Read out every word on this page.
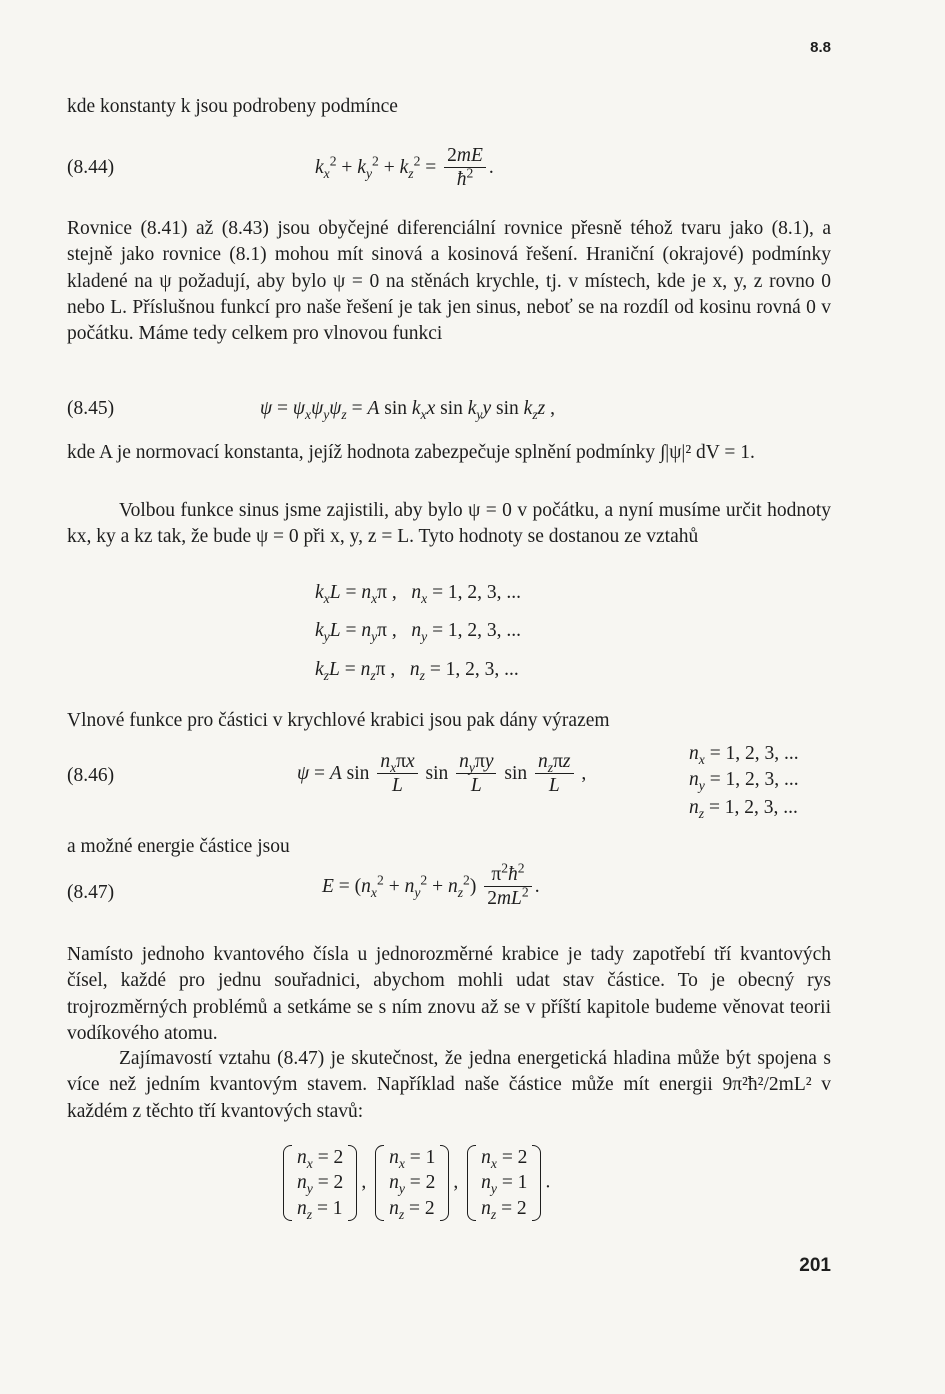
8.8

kde konstanty k jsou podrobeny podmínce

(8.44)	$k_x^2 + k_y^2 + k_z^2 = \frac{2mE}{ħ^2}$ .

Rovnice (8.41) až (8.43) jsou obyčejné diferenciální rovnice přesně téhož tvaru jako (8.1), a stejně jako rovnice (8.1) mohou mít sinová a kosinová řešení. Hraniční (okrajové) podmínky kladené na ψ požadují, aby bylo ψ = 0 na stěnách krychle, tj. v místech, kde je x, y, z rovno 0 nebo L. Příslušnou funkcí pro naše řešení je tak jen sinus, neboť se na rozdíl od kosinu rovná 0 v počátku. Máme tedy celkem pro vlnovou funkci

(8.45)	$\psi = \psi_x\psi_y\psi_z = A$ $\sin k_xx$ $\sin k_yy$ $\sin k_zz$ ,

kde A je normovací konstanta, jejíž hodnota zabezpečuje splnění podmínky ∫|ψ|² dV = 1.

Volbou funkce sinus jsme zajistili, aby bylo ψ = 0 v počátku, a nyní musíme určit hodnoty kx, ky a kz tak, že bude ψ = 0 při x, y, z = L. Tyto hodnoty se dostanou ze vztahů

$k_xL = n_x\pi$ ,   $n_x = 1$, 2, 3, ...
$k_yL = n_y\pi$ ,   $n_y = 1$, 2, 3, ...
$k_zL = n_z\pi$ ,   $n_z = 1$, 2, 3, ...

Vlnové funkce pro částici v krychlové krabici jsou pak dány výrazem

(8.46)	ψ = A $\sin \frac{n_x\pi x}{L}$ $\sin \frac{n_y\pi y}{L}$ $\sin \frac{n_z\pi z}{L}$ ,
$n_x = 1$, 2, 3, ...
$n_y = 1$, 2, 3, ...
$n_z = 1$, 2, 3, ...

a možné energie částice jsou

(8.47)	$E = (n_x^2 + n_y^2 + n_z^2) \frac{\pi^2ħ^2}{2mL^2}$ .

Namísto jednoho kvantového čísla u jednorozměrné krabice je tady zapotřebí tří kvantových čísel, každé pro jednu souřadnici, abychom mohli udat stav částice. To je obecný rys trojrozměrných problémů a setkáme se s ním znovu až se v příští kapitole budeme věnovat teorii vodíkového atomu.

Zajímavostí vztahu (8.47) je skutečnost, že jedna energetická hladina může být spojena s více než jedním kvantovým stavem. Například naše částice může mít energii 9π²ħ²/2mL² v každém z těchto tří kvantových stavů:

$n_x = 2$
$n_y = 2$
$n_z = 1$
,
$n_x = 1$
$n_y = 2$
$n_z = 2$
,
$n_x = 2$
$n_y = 1$
$n_z = 2$
.
201
